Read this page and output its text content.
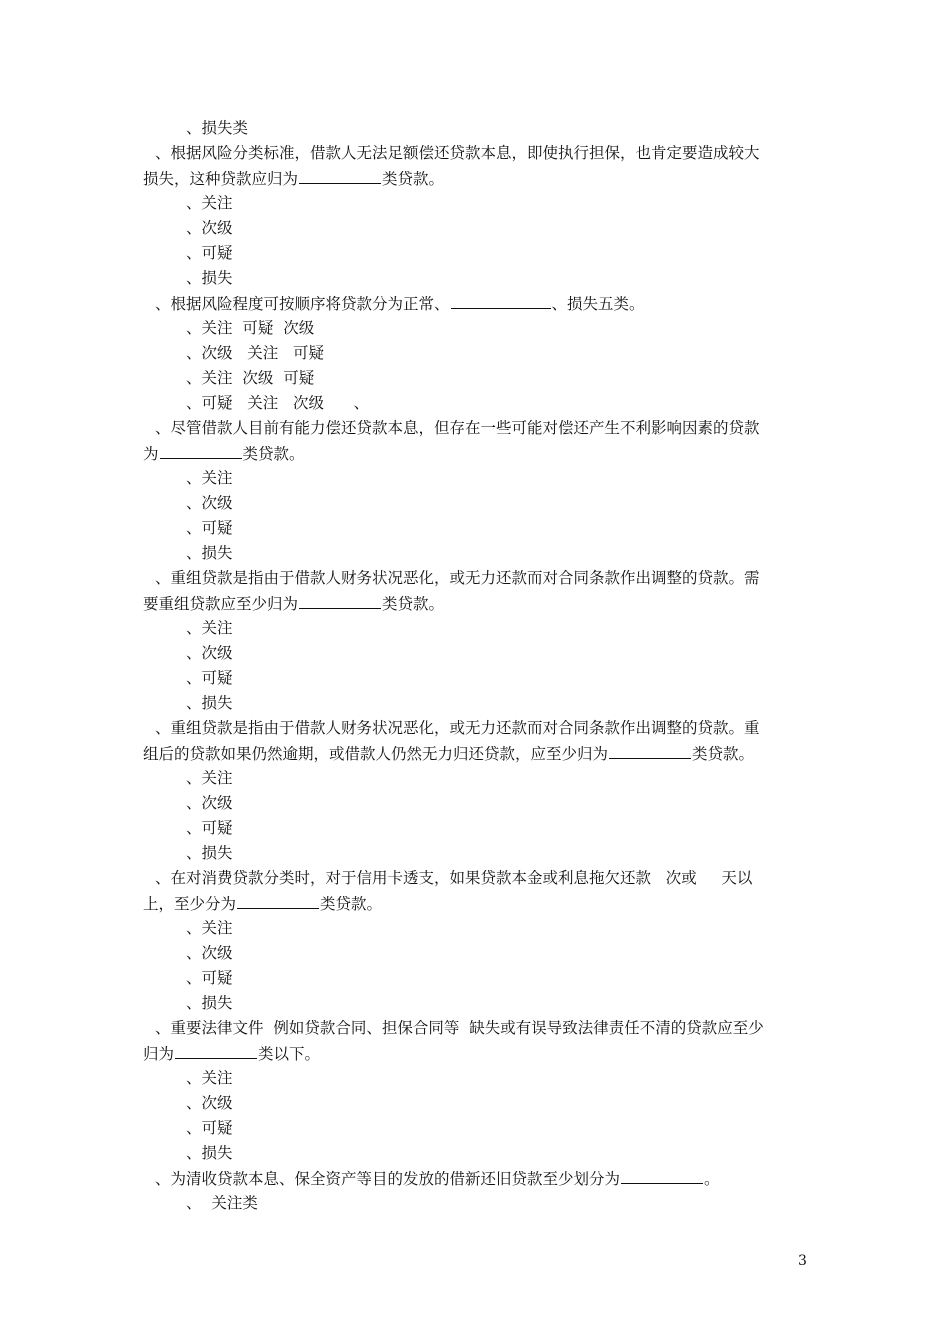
、损失类
、根据风险分类标准，借款人无法足额偿还贷款本息，即使执行担保，也肯定要造成较大
损失，这种贷款应归为	类贷款。
、关注
、次级
、可疑
、损失
、根据风险程度可按顺序将贷款分为正常、	、损失五类。
、关注  可疑  次级
、次级   关注   可疑
、关注  次级  可疑
、可疑   关注   次级      、
、尽管借款人目前有能力偿还贷款本息，但存在一些可能对偿还产生不利影响因素的贷款
为	类贷款。
、关注
、次级
、可疑
、损失
、重组贷款是指由于借款人财务状况恶化，或无力还款而对合同条款作出调整的贷款。需
要重组贷款应至少归为	类贷款。
、关注
、次级
、可疑
、损失
、重组贷款是指由于借款人财务状况恶化，或无力还款而对合同条款作出调整的贷款。重
组后的贷款如果仍然逾期，或借款人仍然无力归还贷款，应至少归为	类贷款。
、关注
、次级
、可疑
、损失
、在对消费贷款分类时，对于信用卡透支，如果贷款本金或利息拖欠还款   次或     天以
上，至少分为	类贷款。
、关注
、次级
、可疑
、损失
、重要法律文件  例如贷款合同、担保合同等  缺失或有误导致法律责任不清的贷款应至少
归为	类以下。
、关注
、次级
、可疑
、损失
、为清收贷款本息、保全资产等目的发放的借新还旧贷款至少划分为	。
、  关注类
3
